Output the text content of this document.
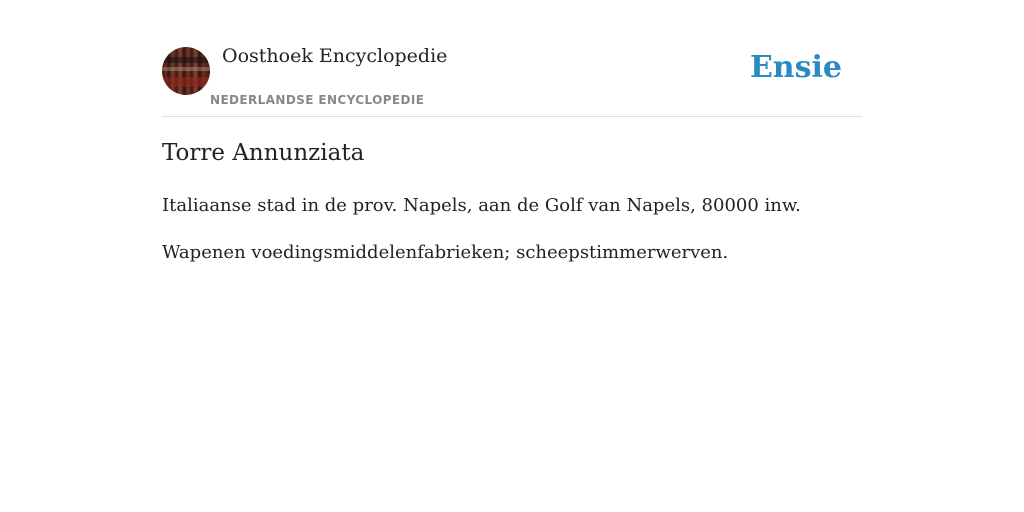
Oosthoek Encyclopedie
NEDERLANDSE ENCYCLOPEDIE
Ensie
Torre Annunziata

Italiaanse stad in de prov. Napels, aan de Golf van Napels, 80000 inw.

Wapenen voedingsmiddelenfabrieken; scheepstimmerwerven.
